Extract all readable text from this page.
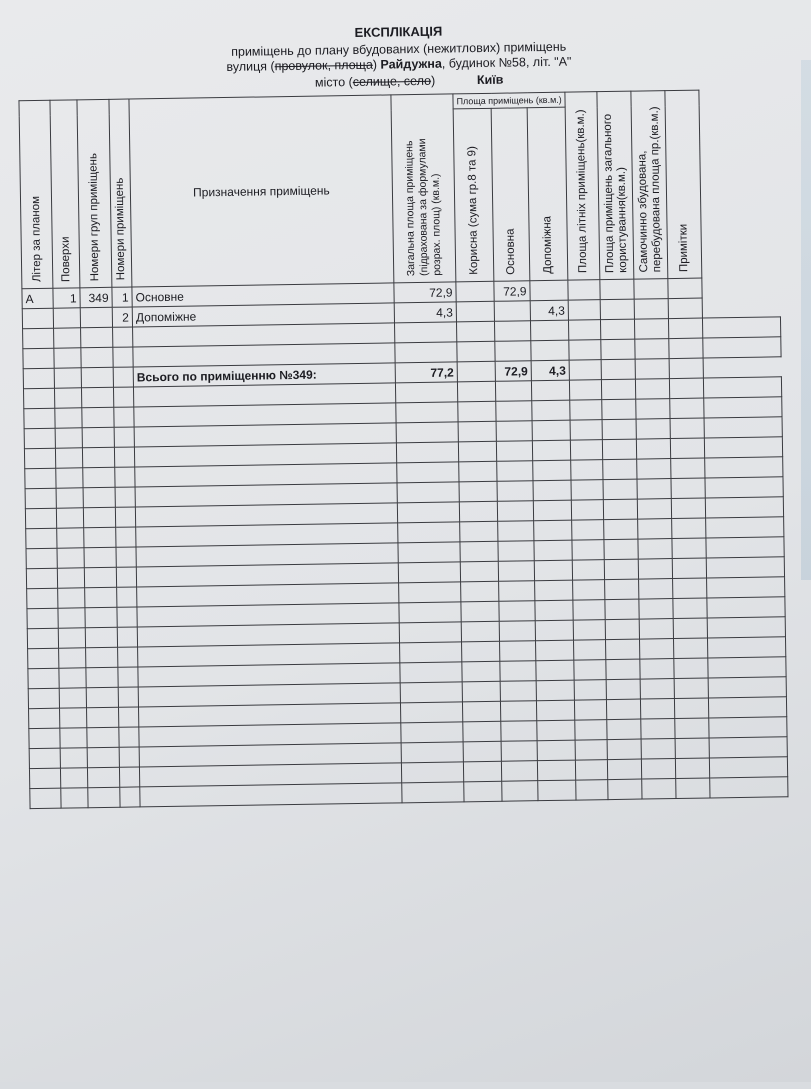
ЕКСПЛІКАЦІЯ
приміщень до плану вбудованих (нежитлових) приміщень
вулиця (провулок, площа) Райдужна, будинок №58, літ. "А"
місто (селище, село)	Київ
Літер за планом	Поверхи	Номери груп приміщень	Номери приміщень	Призначення приміщень	Загальна площа приміщень (підрахована за формулами розрах. площ) (кв.м.)	Площа приміщень (кв.м.)			Площа літніх приміщень(кв.м.)	Площа приміщень загального користування(кв.м.)	Самочинно збудована, перебудована площа пр.(кв.м.)	Примітки	

						Корисна (сума гр.8 та 9)	Основна	Допоміжна					

А	1	349	1	Основне	72,9		72,9						
			2	Допоміжне	4,3			4,3					

				Всього по приміщенню №349:	77,2		72,9	4,3					
